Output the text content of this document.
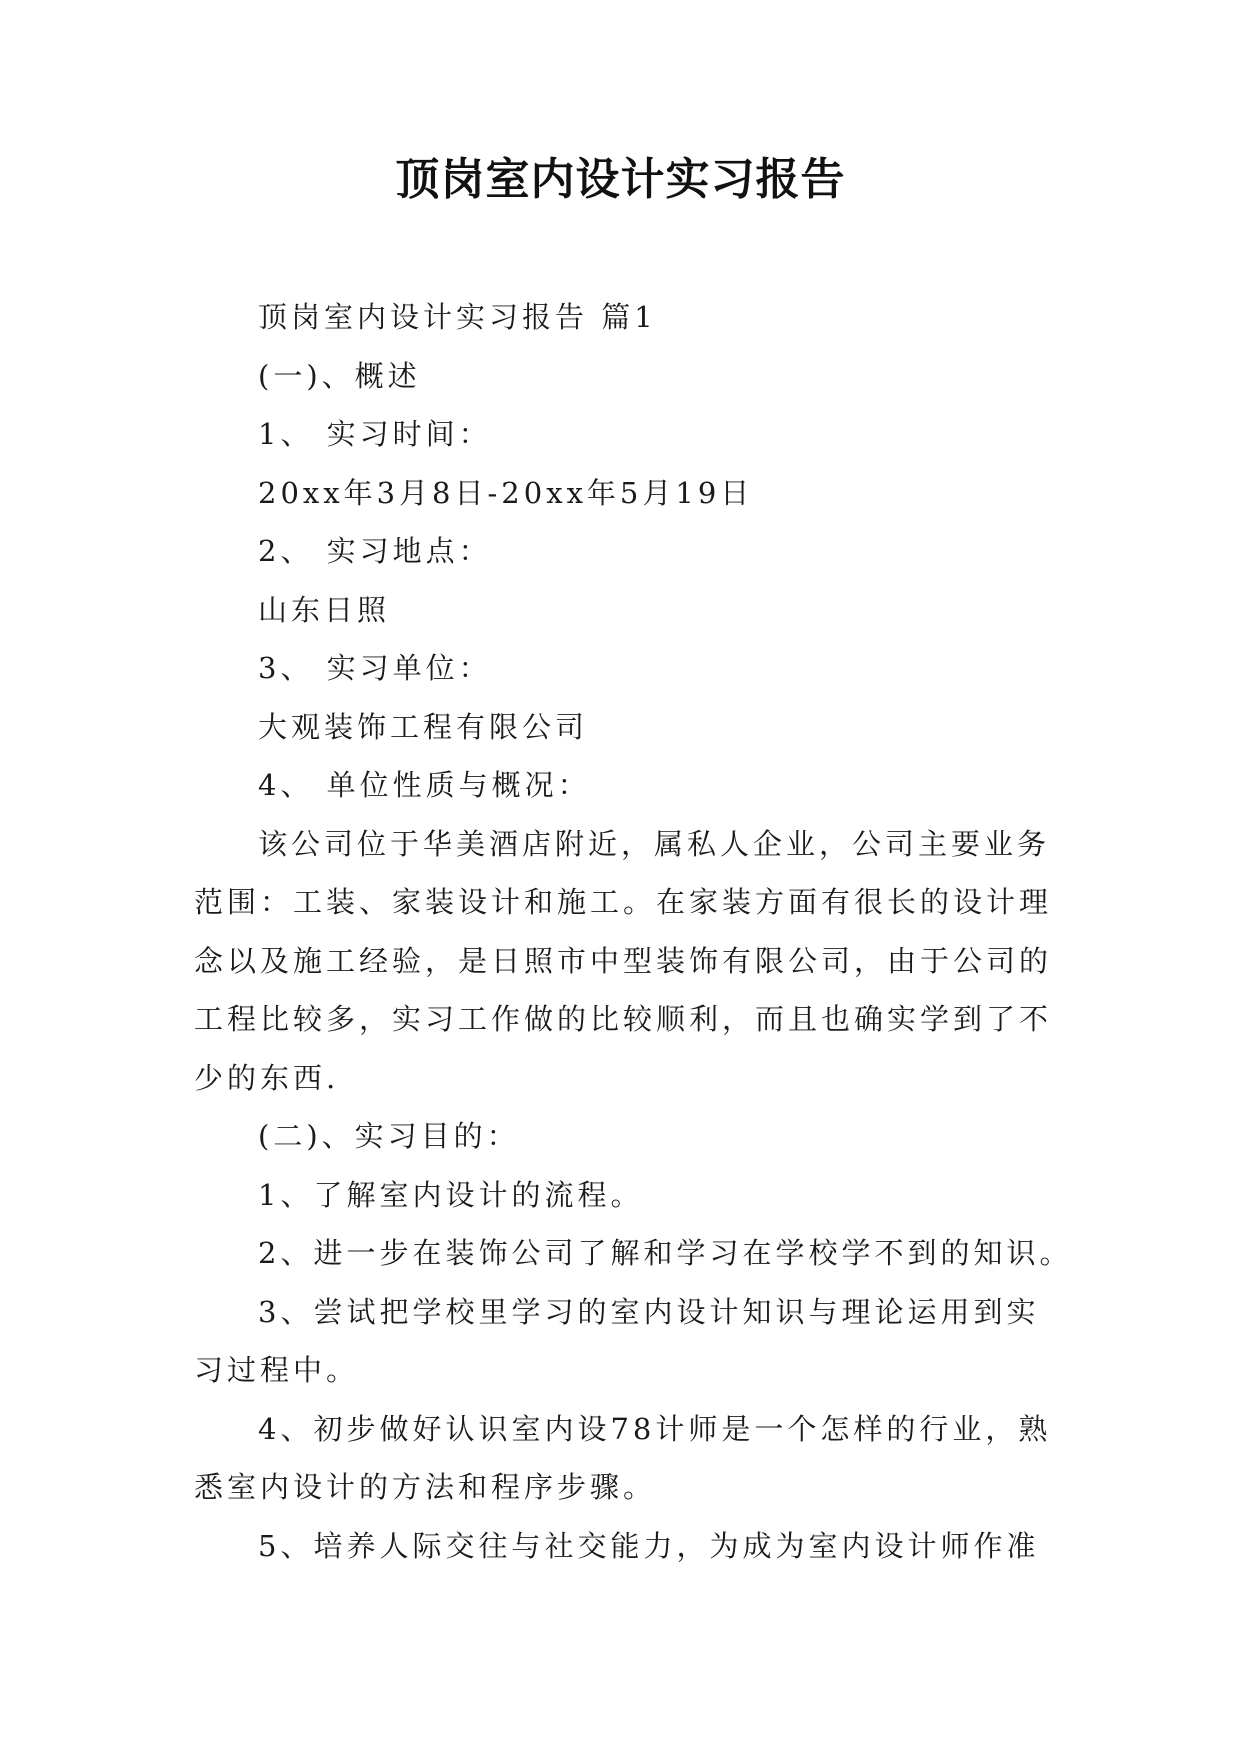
顶岗室内设计实习报告

顶岗室内设计实习报告 篇1

(一)、概述

1、 实习时间：

20xx年3月8日-20xx年5月19日

2、 实习地点：

山东日照

3、 实习单位：

大观装饰工程有限公司

4、 单位性质与概况：

该公司位于华美酒店附近，属私人企业，公司主要业务

范围：工装、家装设计和施工。在家装方面有很长的设计理

念以及施工经验，是日照市中型装饰有限公司，由于公司的

工程比较多，实习工作做的比较顺利，而且也确实学到了不

少的东西.

(二)、实习目的：

1、了解室内设计的流程。

2、进一步在装饰公司了解和学习在学校学不到的知识。

3、尝试把学校里学习的室内设计知识与理论运用到实

习过程中。

4、初步做好认识室内设78计师是一个怎样的行业，熟

悉室内设计的方法和程序步骤。

5、培养人际交往与社交能力，为成为室内设计师作准
